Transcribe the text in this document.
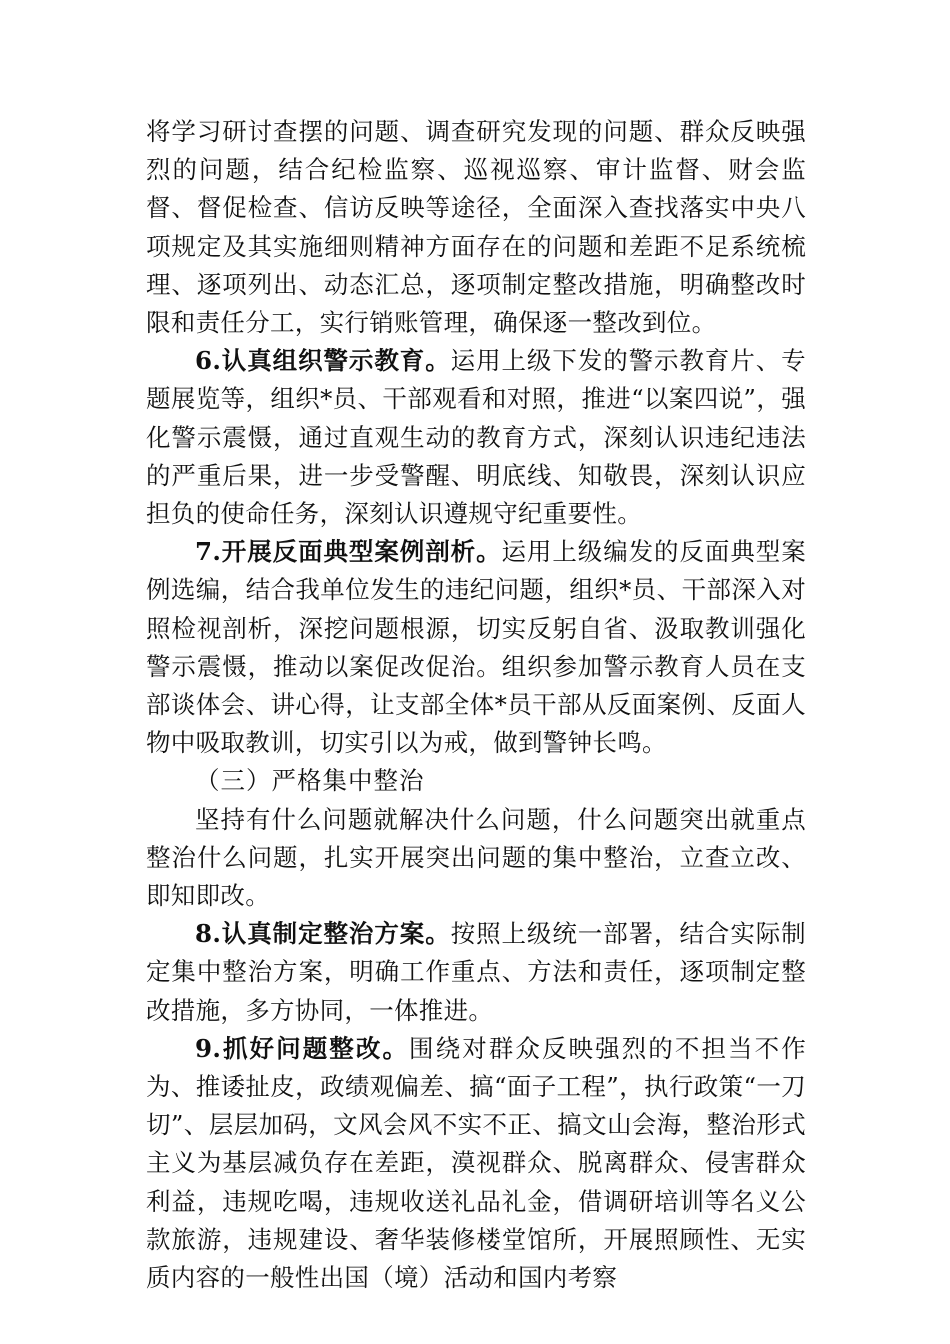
将学习研讨查摆的问题、调查研究发现的问题、群众反映强烈的问题，结合纪检监察、巡视巡察、审计监督、财会监督、督促检查、信访反映等途径，全面深入查找落实中央八项规定及其实施细则精神方面存在的问题和差距不足系统梳理、逐项列出、动态汇总，逐项制定整改措施，明确整改时限和责任分工，实行销账管理，确保逐一整改到位。

6.认真组织警示教育。运用上级下发的警示教育片、专题展览等，组织*员、干部观看和对照，推进“以案四说”，强化警示震慑，通过直观生动的教育方式，深刻认识违纪违法的严重后果，进一步受警醒、明底线、知敬畏，深刻认识应担负的使命任务，深刻认识遵规守纪重要性。

7.开展反面典型案例剖析。运用上级编发的反面典型案例选编，结合我单位发生的违纪问题，组织*员、干部深入对照检视剖析，深挖问题根源，切实反躬自省、汲取教训强化警示震慑，推动以案促改促治。组织参加警示教育人员在支部谈体会、讲心得，让支部全体*员干部从反面案例、反面人物中吸取教训，切实引以为戒，做到警钟长鸣。

（三）严格集中整治

坚持有什么问题就解决什么问题，什么问题突出就重点整治什么问题，扎实开展突出问题的集中整治，立查立改、即知即改。

8.认真制定整治方案。按照上级统一部署，结合实际制定集中整治方案，明确工作重点、方法和责任，逐项制定整改措施，多方协同，一体推进。

9.抓好问题整改。围绕对群众反映强烈的不担当不作为、推诿扯皮，政绩观偏差、搞“面子工程”，执行政策“一刀切”、层层加码，文风会风不实不正、搞文山会海，整治形式主义为基层减负存在差距，漠视群众、脱离群众、侵害群众利益，违规吃喝，违规收送礼品礼金，借调研培训等名义公款旅游，违规建设、奢华装修楼堂馆所，开展照顾性、无实质内容的一般性出国（境）活动和国内考察
